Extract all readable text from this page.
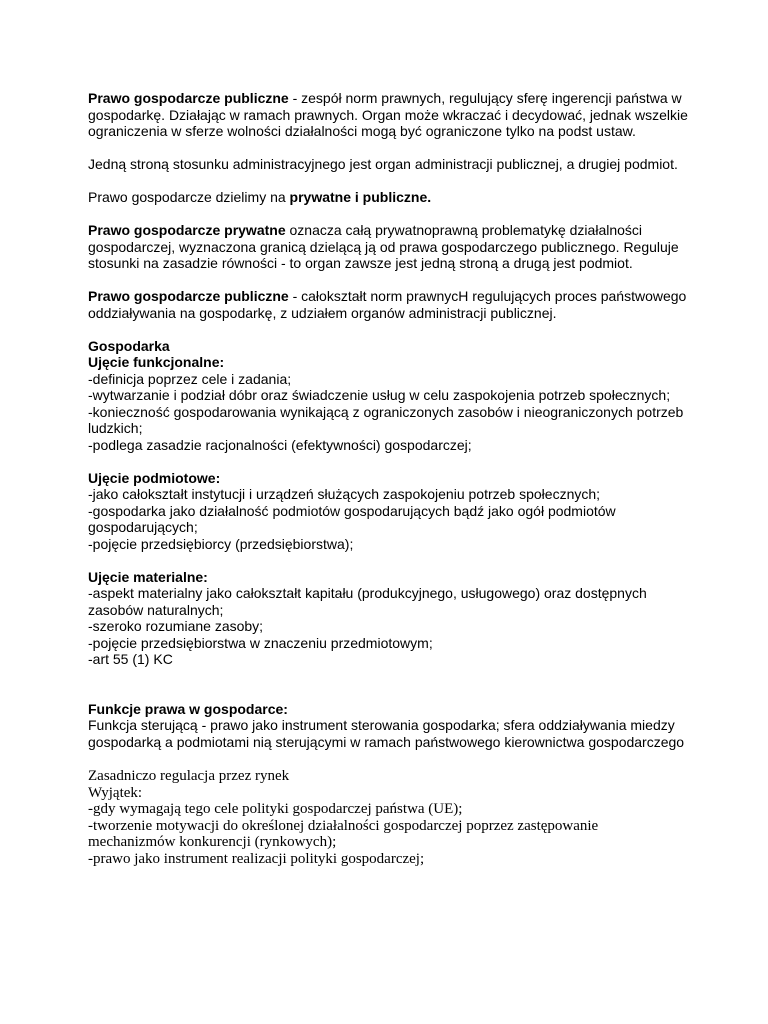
Prawo gospodarcze publiczne - zespół norm prawnych, regulujący sferę ingerencji państwa w gospodarkę. Działając w ramach prawnych. Organ może wkraczać i decydować, jednak wszelkie ograniczenia w sferze wolności działalności mogą być ograniczone tylko na podst ustaw.

Jedną stroną stosunku administracyjnego jest organ administracji publicznej, a drugiej podmiot.

Prawo gospodarcze dzielimy na prywatne i publiczne.

Prawo gospodarcze prywatne oznacza całą prywatnoprawną problematykę działalności gospodarczej, wyznaczona granicą dzielącą ją od prawa gospodarczego publicznego. Reguluje stosunki na zasadzie równości - to organ zawsze jest jedną stroną a drugą jest podmiot.

Prawo gospodarcze publiczne - całokształt norm prawnycH regulujących proces państwowego oddziaływania na gospodarkę, z udziałem organów administracji publicznej.

Gospodarka

Ujęcie funkcjonalne:

-definicja poprzez cele i zadania;

-wytwarzanie i podział dóbr oraz świadczenie usług w celu zaspokojenia potrzeb społecznych;

-konieczność gospodarowania wynikającą z ograniczonych zasobów i nieograniczonych potrzeb ludzkich;

-podlega zasadzie racjonalności (efektywności) gospodarczej;

Ujęcie podmiotowe:

-jako całokształt instytucji i urządzeń służących zaspokojeniu potrzeb społecznych;

-gospodarka jako działalność podmiotów gospodarujących bądź jako ogół podmiotów gospodarujących;

-pojęcie przedsiębiorcy (przedsiębiorstwa);

Ujęcie materialne:

-aspekt materialny jako całokształt kapitału (produkcyjnego, usługowego) oraz dostępnych zasobów naturalnych;

-szeroko rozumiane zasoby;

-pojęcie przedsiębiorstwa w znaczeniu przedmiotowym;

-art 55 (1) KC

Funkcje prawa w gospodarce:

Funkcja sterującą - prawo jako instrument sterowania gospodarka; sfera oddziaływania miedzy gospodarką a podmiotami nią sterującymi w ramach państwowego kierownictwa gospodarczego

Zasadniczo regulacja przez rynek

Wyjątek:

-gdy wymagają tego cele polityki gospodarczej państwa (UE);

-tworzenie motywacji do określonej działalności gospodarczej poprzez zastępowanie mechanizmów konkurencji (rynkowych);

-prawo jako instrument realizacji polityki gospodarczej;
